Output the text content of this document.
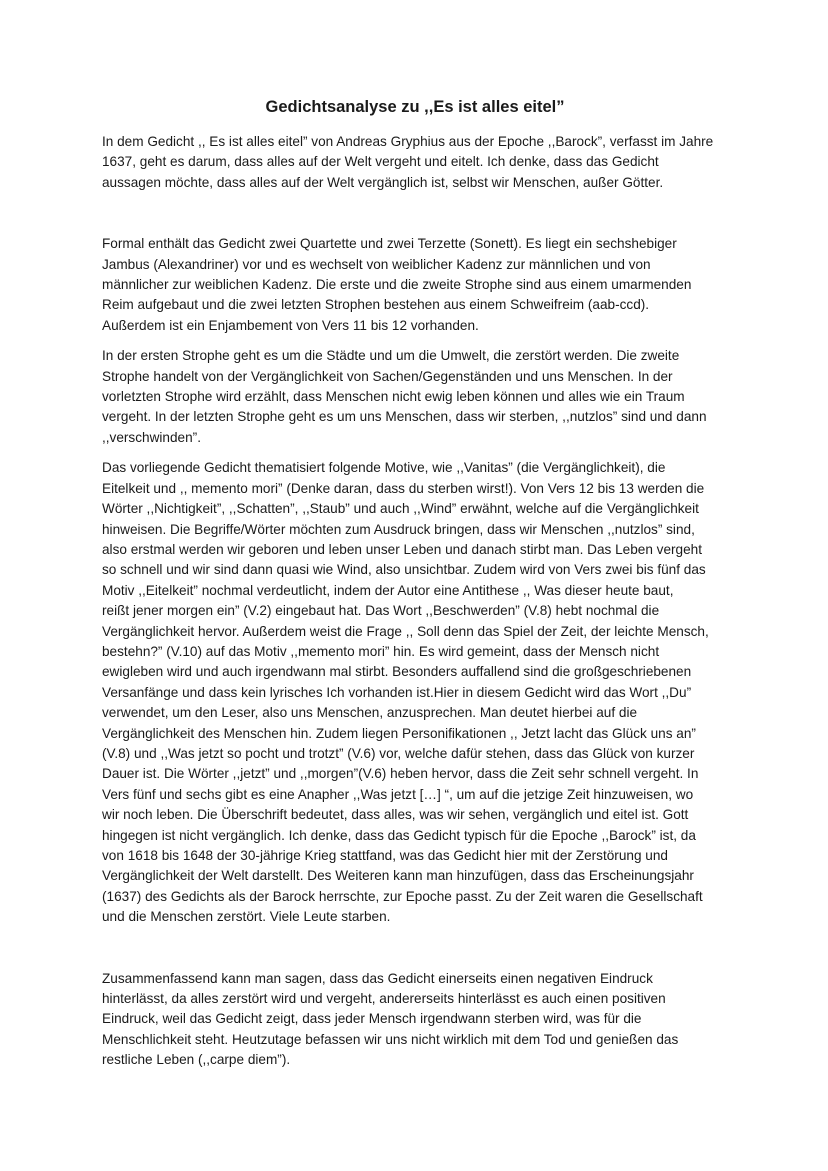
Gedichtsanalyse zu ,,Es ist alles eitel”
In dem Gedicht ,, Es ist alles eitel” von Andreas Gryphius aus der Epoche ,,Barock”, verfasst im Jahre
1637, geht es darum, dass alles auf der Welt vergeht und eitelt. Ich denke, dass das Gedicht
aussagen möchte, dass alles auf der Welt vergänglich ist, selbst wir Menschen, außer Götter.
Formal enthält das Gedicht zwei Quartette und zwei Terzette (Sonett). Es liegt ein sechshebiger
Jambus (Alexandriner) vor und es wechselt von weiblicher Kadenz zur männlichen und von
männlicher zur weiblichen Kadenz. Die erste und die zweite Strophe sind aus einem umarmenden
Reim aufgebaut und die zwei letzten Strophen bestehen aus einem Schweifreim (aab-ccd).
Außerdem ist ein Enjambement von Vers 11 bis 12 vorhanden.
In der ersten Strophe geht es um die Städte und um die Umwelt, die zerstört werden. Die zweite
Strophe handelt von der Vergänglichkeit von Sachen/Gegenständen und uns Menschen. In der
vorletzten Strophe wird erzählt, dass Menschen nicht ewig leben können und alles wie ein Traum
vergeht. In der letzten Strophe geht es um uns Menschen, dass wir sterben, ,,nutzlos” sind und dann
,,verschwinden”.
Das vorliegende Gedicht thematisiert folgende Motive, wie ,,Vanitas” (die Vergänglichkeit), die
Eitelkeit und ,, memento mori” (Denke daran, dass du sterben wirst!). Von Vers 12 bis 13 werden die
Wörter ,,Nichtigkeit”, ,,Schatten”, ,,Staub” und auch ,,Wind” erwähnt, welche auf die Vergänglichkeit
hinweisen. Die Begriffe/Wörter möchten zum Ausdruck bringen, dass wir Menschen ,,nutzlos” sind,
also erstmal werden wir geboren und leben unser Leben und danach stirbt man. Das Leben vergeht
so schnell und wir sind dann quasi wie Wind, also unsichtbar. Zudem wird von Vers zwei bis fünf das
Motiv ,,Eitelkeit” nochmal verdeutlicht, indem der Autor eine Antithese ,, Was dieser heute baut,
reißt jener morgen ein” (V.2) eingebaut hat. Das Wort ,,Beschwerden” (V.8) hebt nochmal die
Vergänglichkeit hervor. Außerdem weist die Frage ,, Soll denn das Spiel der Zeit, der leichte Mensch,
bestehn?” (V.10) auf das Motiv ,,memento mori” hin. Es wird gemeint, dass der Mensch nicht
ewigleben wird und auch irgendwann mal stirbt. Besonders auffallend sind die großgeschriebenen
Versanfänge und dass kein lyrisches Ich vorhanden ist.Hier in diesem Gedicht wird das Wort ,,Du”
verwendet, um den Leser, also uns Menschen, anzusprechen. Man deutet hierbei auf die
Vergänglichkeit des Menschen hin. Zudem liegen Personifikationen ,, Jetzt lacht das Glück uns an”
(V.8) und ,,Was jetzt so pocht und trotzt” (V.6) vor, welche dafür stehen, dass das Glück von kurzer
Dauer ist. Die Wörter ,,jetzt” und ,,morgen”(V.6) heben hervor, dass die Zeit sehr schnell vergeht. In
Vers fünf und sechs gibt es eine Anapher ,,Was jetzt […] “, um auf die jetzige Zeit hinzuweisen, wo
wir noch leben. Die Überschrift bedeutet, dass alles, was wir sehen, vergänglich und eitel ist. Gott
hingegen ist nicht vergänglich. Ich denke, dass das Gedicht typisch für die Epoche ,,Barock” ist, da
von 1618 bis 1648 der 30-jährige Krieg stattfand, was das Gedicht hier mit der Zerstörung und
Vergänglichkeit der Welt darstellt. Des Weiteren kann man hinzufügen, dass das Erscheinungsjahr
(1637) des Gedichts als der Barock herrschte, zur Epoche passt. Zu der Zeit waren die Gesellschaft
und die Menschen zerstört. Viele Leute starben.
Zusammenfassend kann man sagen, dass das Gedicht einerseits einen negativen Eindruck
hinterlässt, da alles zerstört wird und vergeht, andererseits hinterlässt es auch einen positiven
Eindruck, weil das Gedicht zeigt, dass jeder Mensch irgendwann sterben wird, was für die
Menschlichkeit steht. Heutzutage befassen wir uns nicht wirklich mit dem Tod und genießen das
restliche Leben (,,carpe diem”).
